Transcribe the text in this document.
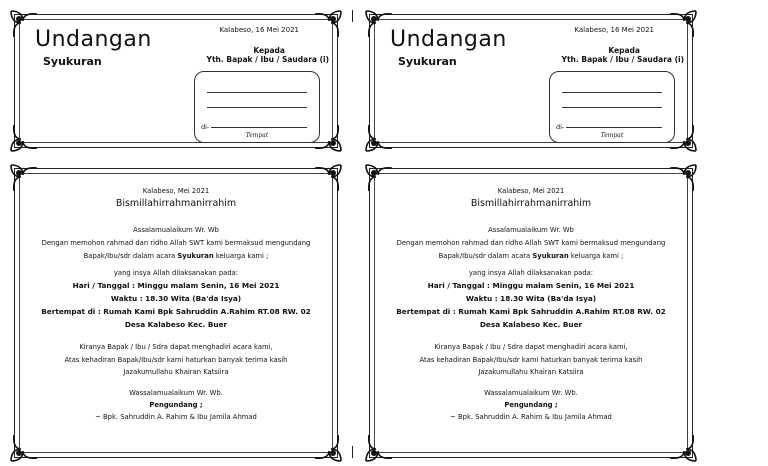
Undangan
Syukuran
Kalabeso, 16 Mei 2021
Kepada
Yth. Bapak / Ibu / Saudara (i)
di-
Tempat
Undangan
Syukuran
Kalabeso, 16 Mei 2021
Kepada
Yth. Bapak / Ibu / Saudara (i)
di-
Tempat
Kalabeso, Mei 2021
Bismillahirrahmanirrahim
Assalamualaikum Wr. Wb
Dengan memohon rahmad dan ridho Allah SWT kami bermaksud mengundang
Bapak/Ibu/sdr dalam acara Syukuran keluarga kami ;
yang insya Allah dilaksanakan pada:
Hari / Tanggal : Minggu malam Senin, 16 Mei 2021
Waktu : 18.30 Wita (Ba'da Isya)
Bertempat di : Rumah Kami Bpk Sahruddin A.Rahim RT.08 RW. 02
Desa Kalabeso Kec. Buer
Kiranya Bapak / Ibu / Sdra dapat menghadiri acara kami,
Atas kehadiran Bapak/Ibu/sdr kami haturkan banyak terima kasih
Jazakumullahu Khairan Katsiira
Wassalamualaikum Wr. Wb.
Pengundang ;
~ Bpk. Sahruddin A. Rahim & Ibu Jamila Ahmad
Kalabeso, Mei 2021
Bismillahirrahmanirrahim
Assalamualaikum Wr. Wb
Dengan memohon rahmad dan ridho Allah SWT kami bermaksud mengundang
Bapak/Ibu/sdr dalam acara Syukuran keluarga kami ;
yang insya Allah dilaksanakan pada:
Hari / Tanggal : Minggu malam Senin, 16 Mei 2021
Waktu : 18.30 Wita (Ba'da Isya)
Bertempat di : Rumah Kami Bpk Sahruddin A.Rahim RT.08 RW. 02
Desa Kalabeso Kec. Buer
Kiranya Bapak / Ibu / Sdra dapat menghadiri acara kami,
Atas kehadiran Bapak/Ibu/sdr kami haturkan banyak terima kasih
Jazakumullahu Khairan Katsiira
Wassalamualaikum Wr. Wb.
Pengundang ;
~ Bpk. Sahruddin A. Rahim & Ibu Jamila Ahmad
